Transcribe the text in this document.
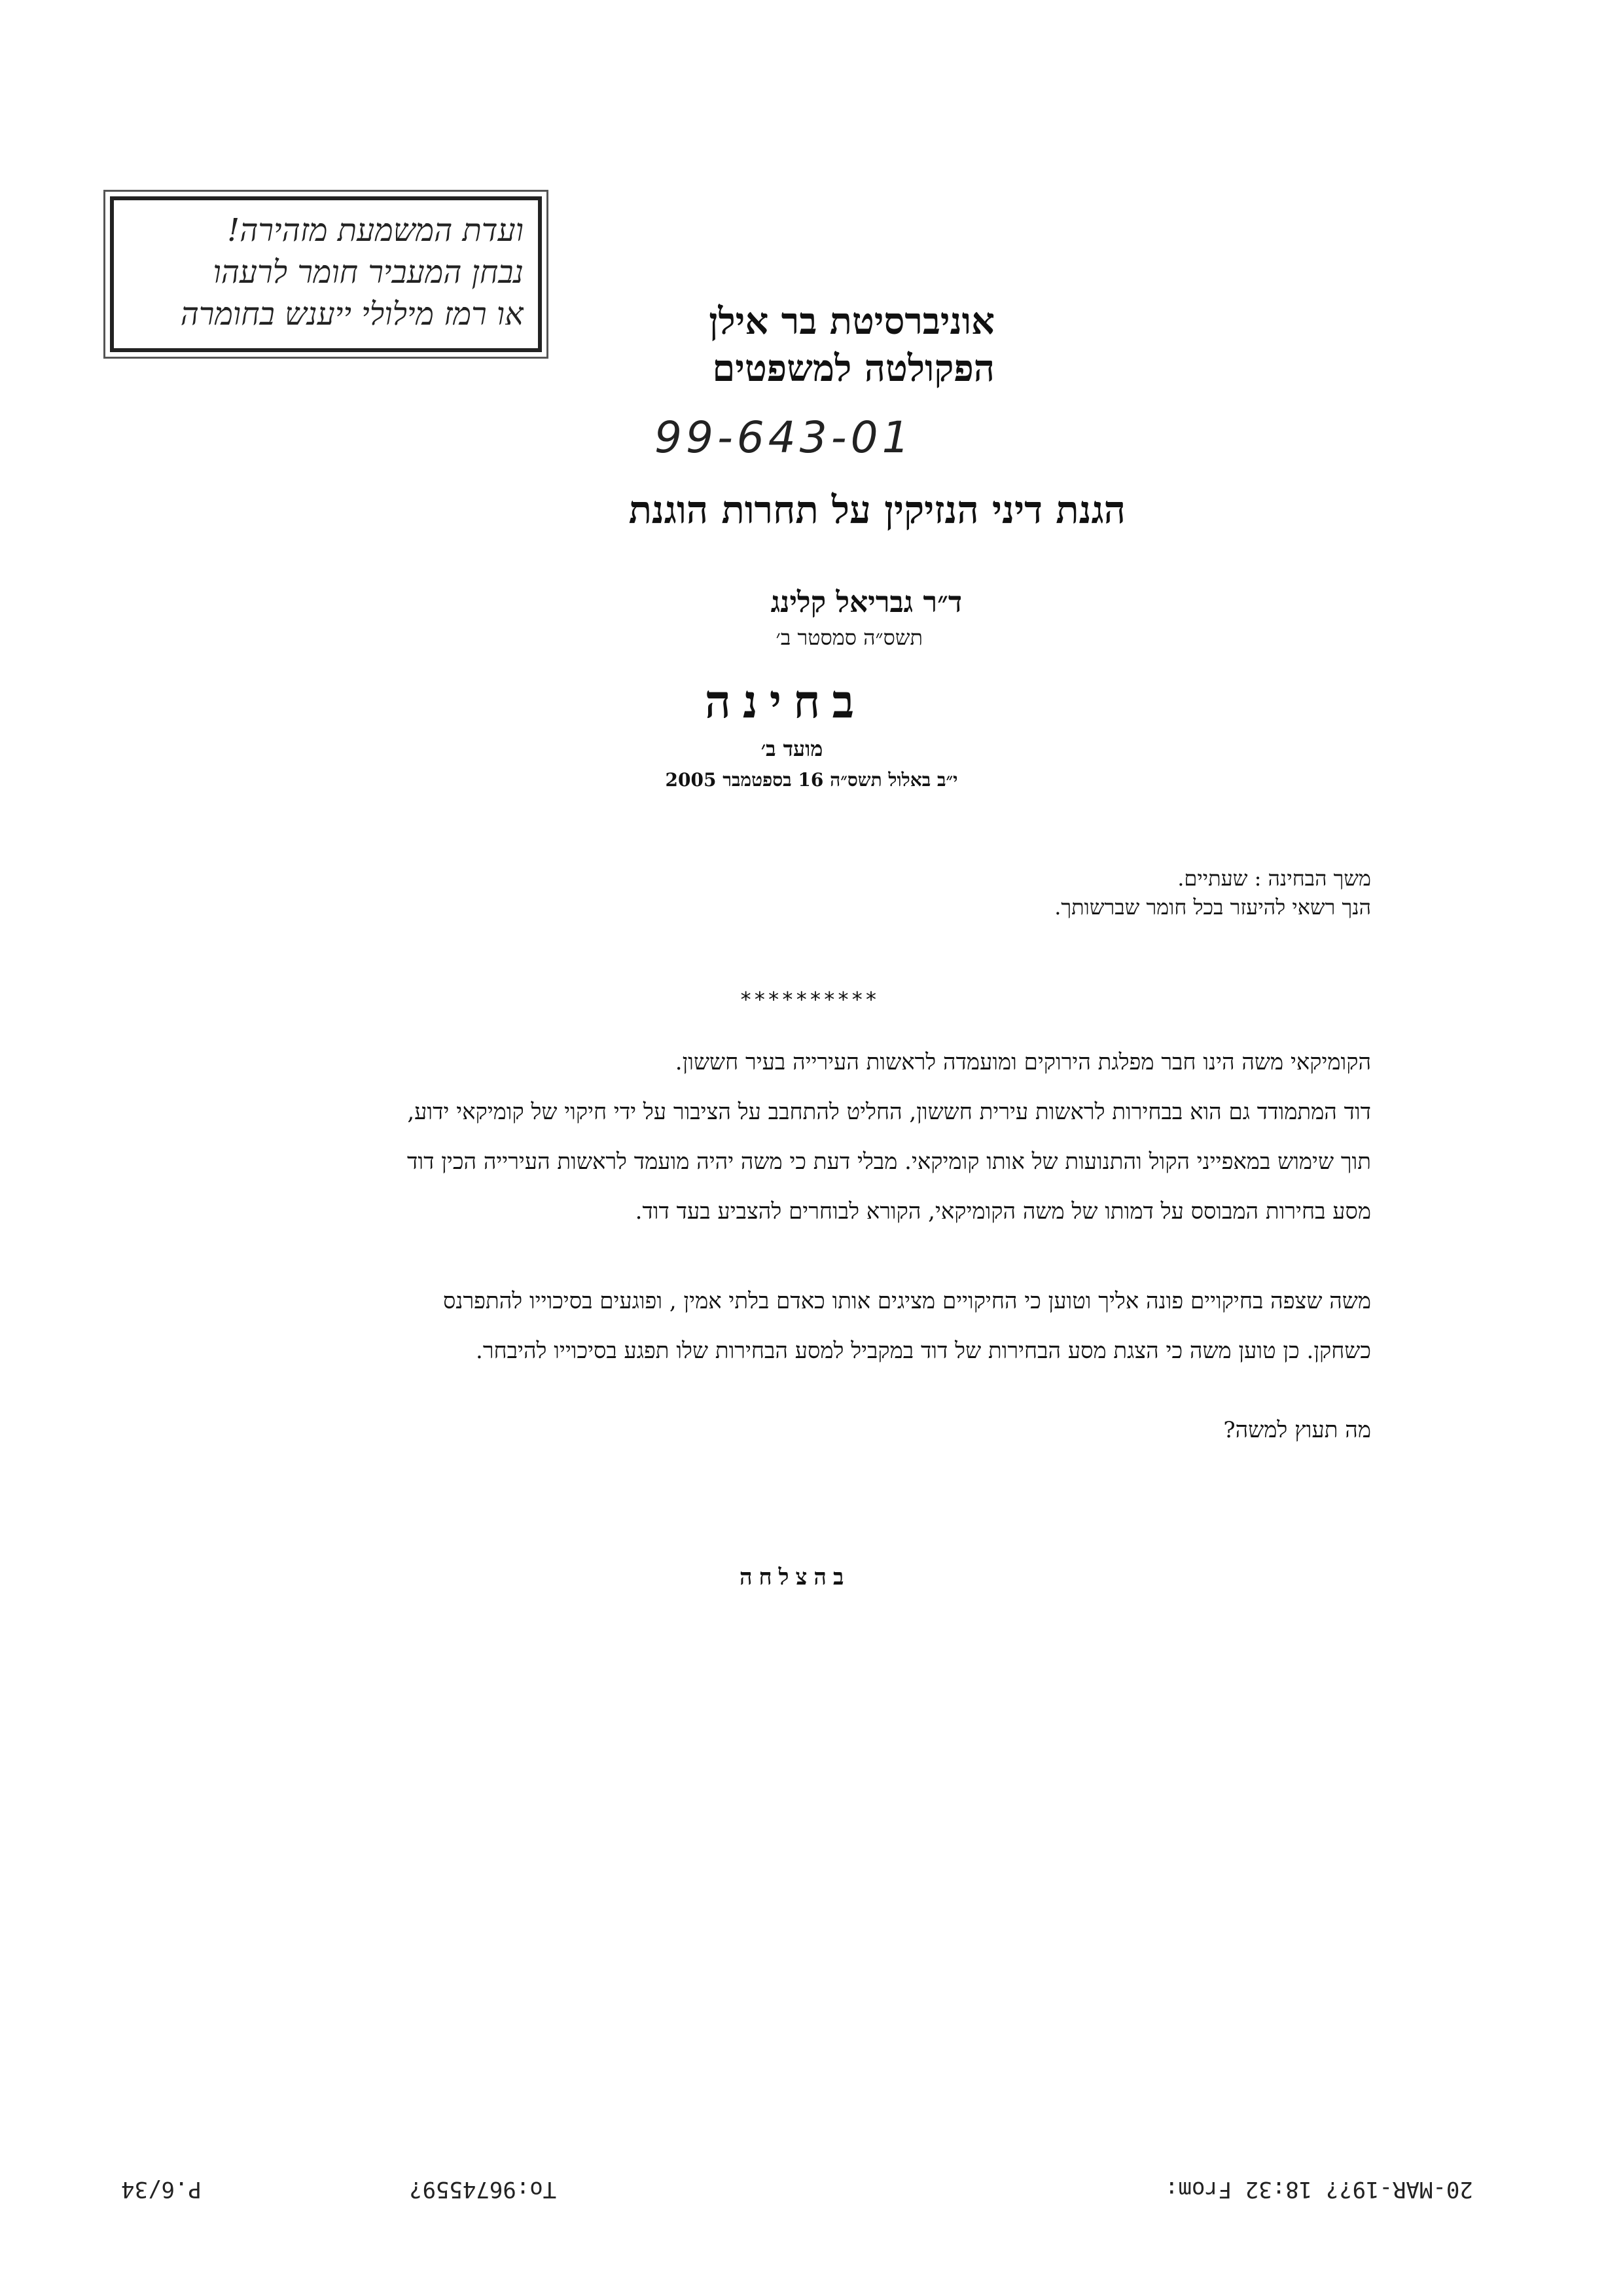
ועדת המשמעת מזהירה!
נבחן המעביר חומר לרעהו
או רמז מילולי ייענש בחומרה	אוניברסיטת בר אילן
הפקולטה למשפטים
99-643-01
הגנת דיני הנזיקין על תחרות הוגנת
ד״ר גבריאל קלינג
תשס״ה סמסטר ב׳
בחינה
מועד ב׳
י״ב באלול תשס״ה 16 בספטמבר 2005
משך הבחינה : שעתיים.
הנך רשאי להיעזר בכל חומר שברשותך.
**********
הקומיקאי משה הינו חבר מפלגת הירוקים ומועמדה לראשות העירייה בעיר חששון.
דוד המתמודד גם הוא בבחירות לראשות עירית חששון, החליט להתחבב על הציבור על ידי חיקוי של קומיקאי ידוע,
תוך שימוש במאפייני הקול והתנועות של אותו קומיקאי. מבלי דעת כי משה יהיה מועמד לראשות העירייה הכין דוד
מסע בחירות המבוסס על דמותו של משה הקומיקאי, הקורא לבוחרים להצביע בעד דוד.
משה שצפה בחיקויים פונה אליך וטוען כי החיקויים מציגים אותו כאדם בלתי אמין , ופוגעים בסיכוייו להתפרנס
כשחקן. כן טוען משה כי הצגת מסע הבחירות של דוד במקביל למסע הבחירות שלו תפגע בסיכוייו להיבחר.
מה תעוץ למשה?
בהצלחה
P.6/34	To:9674559?	20-MAR-19?? 18:32 From:
